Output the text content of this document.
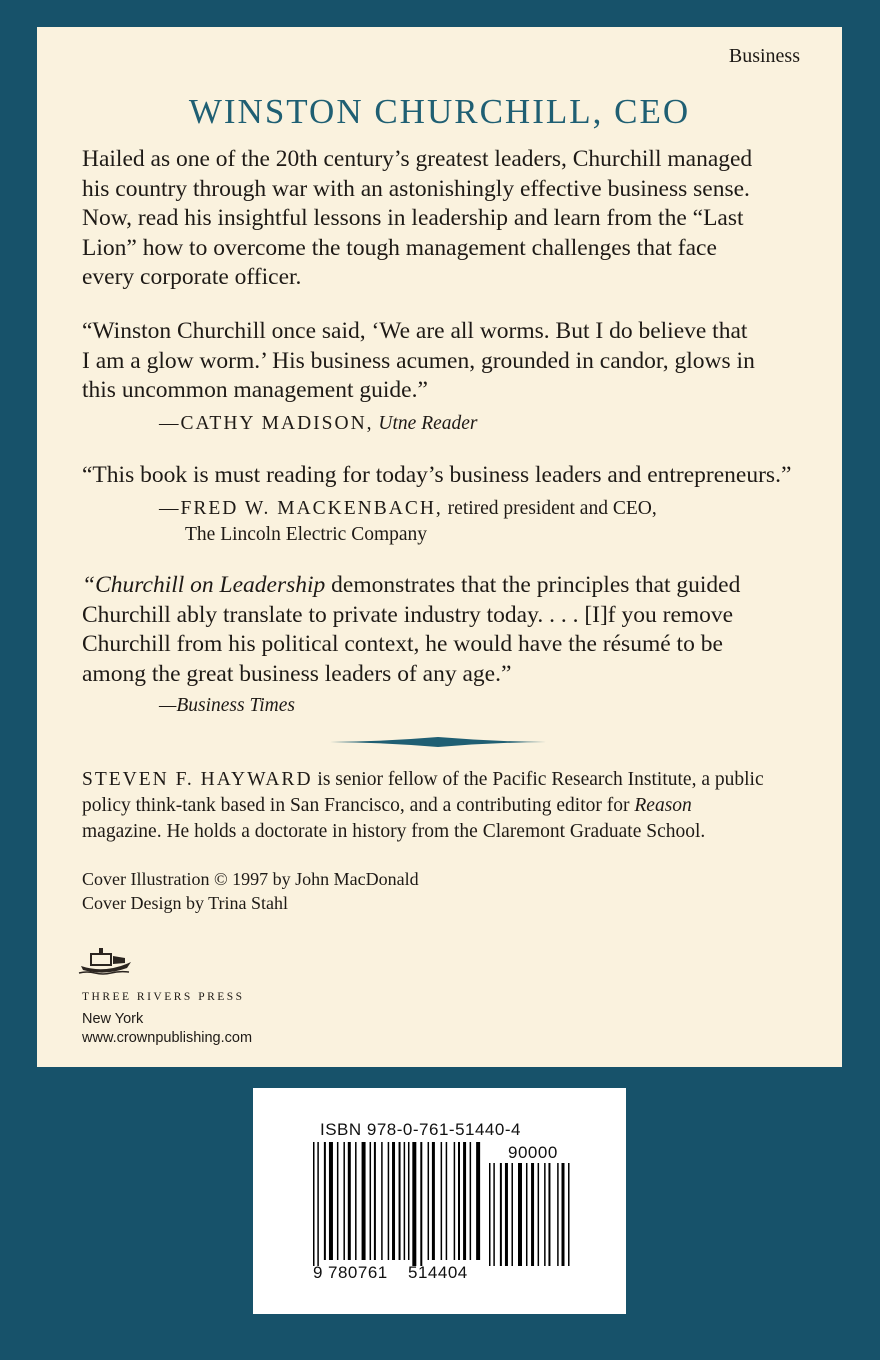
Business
WINSTON CHURCHILL, CEO
Hailed as one of the 20th century’s greatest leaders, Churchill managed
his country through war with an astonishingly effective business sense.
Now, read his insightful lessons in leadership and learn from the “Last
Lion” how to overcome the tough management challenges that face
every corporate officer.
“Winston Churchill once said, ‘We are all worms. But I do believe that
I am a glow worm.’ His business acumen, grounded in candor, glows in
this uncommon management guide.”
—CATHY MADISON, Utne Reader
“This book is must reading for today’s business leaders and entrepreneurs.”
—FRED W. MACKENBACH, retired president and CEO,
The Lincoln Electric Company
“Churchill on Leadership demonstrates that the principles that guided
Churchill ably translate to private industry today. . . . [I]f you remove
Churchill from his political context, he would have the résumé to be
among the great business leaders of any age.”
—Business Times
STEVEN F. HAYWARD is senior fellow of the Pacific Research Institute, a public
policy think-tank based in San Francisco, and a contributing editor for Reason
magazine. He holds a doctorate in history from the Claremont Graduate School.
Cover Illustration © 1997 by John MacDonald
Cover Design by Trina Stahl
THREE RIVERS PRESS
New York
www.crownpublishing.com
ISBN 978-0-761-51440-4
90000
9 780761 514404
